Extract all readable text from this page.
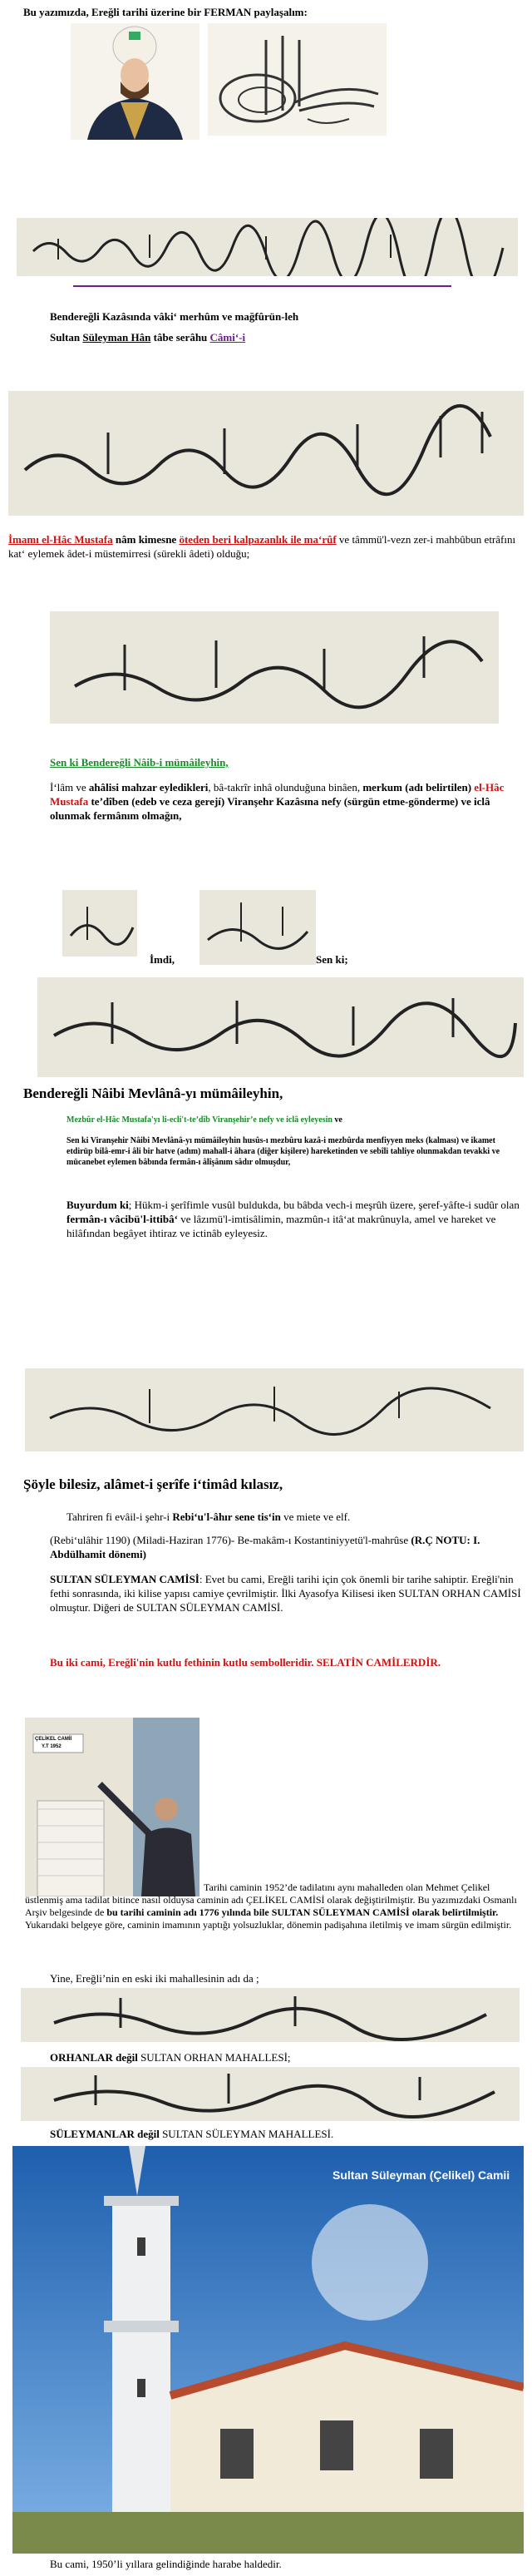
Bu yazımızda, Ereğli tarihi üzerine bir FERMAN paylaşalım:
Bendereğli Kazâsında vâki‘ merhûm ve mağfûrün-leh
Sultan Süleyman Hân tâbe serâhu Câmi‘-i

İmamı el-Hâc Mustafa nâm kimesne öteden beri kalpazanlık ile ma‘rûf ve tâmmü'l-vezn zer-i mahbûbun etrâfını kat‘ eylemek âdet-i müstemirresi (sürekli âdeti) olduğu;

Sen ki Bendereğli Nâib-i mümâileyhin,

İ‘lâm ve ahâlisi mahzar eyledikleri, bâ-takrîr inhâ olunduğuna binâen, merkum (adı belirtilen) el-Hâc Mustafa te’dîben (edeb ve ceza gerejí) Viranşehr Kazâsına nefy (sürgün etme-gönderme) ve iclâ olunmak fermânım olmağın,

İmdi,	Sen ki;
Bendereğli Nâibi Mevlânâ-yı mümâileyhin,

Mezbûr el-Hâc Mustafa'yı li-ecli't-te’dîb Viranşehir’e nefy ve iclâ eyleyesin ve

Sen ki Viranşehir Nâibi Mevlânâ-yı mümâileyhin husûs-ı mezbûru kazâ-i mezbûrda menfiyyen meks (kalması) ve ikamet etdirüp bilâ-emr-i âli bir hatve (adım) mahall-i âhara (diğer kişilere) hareketinden ve sebîli tahliye olunmakdan tevakki ve mücanebet eylemen bâbında fermân-ı âlîşânım sâdır olmuşdur,

Buyurdum ki; Hükm-i şerîfimle vusûl buldukda, bu bâbda vech-i meşrûh üzere, şeref-yâfte-i sudûr olan fermân-ı vâcibü'l-ittibâ‘ ve lâzımü'l-imtisâlimin, mazmûn-ı itâ‘at makrûnuyla, amel ve hareket ve hilâfından begâyet ihtiraz ve ictinâb eyleyesiz.

Şöyle bilesiz, alâmet-i şerîfe i‘timâd kılasız,

Tahriren fi evâil-i şehr-i Rebi‘u'l-âhır sene tis‘in ve miete ve elf.

(Rebi‘ulâhir 1190) (Miladi-Haziran 1776)- Be-makâm-ı Kostantiniyyetü'l-mahrûse (R.Ç NOTU: I. Abdülhamit dönemi)

SULTAN SÜLEYMAN CAMİSİ: Evet bu cami, Ereğli tarihi için çok önemli bir tarihe sahiptir. Ereğli'nin fethi sonrasında, iki kilise yapısı camiye çevrilmiştir. İlki Ayasofya Kilisesi iken SULTAN ORHAN CAMİSİ olmuştur. Diğeri de SULTAN SÜLEYMAN CAMİSİ.

Bu iki cami, Ereğli'nin kutlu fethinin kutlu sembolleridir. SELATİN CAMİLERDİR.

ÇELİKEL CAMİİ
Y.T 1952

Tarihi caminin 1952’de tadilatını aynı mahalleden olan Mehmet Çelikel üstlenmiş ama tadilat bitince nasıl olduysa caminin adı ÇELİKEL CAMİSİ olarak değiştirilmiştir. Bu yazımızdaki Osmanlı Arşiv belgesinde de bu tarihi caminin adı 1776 yılında bile SULTAN SÜLEYMAN CAMİSİ olarak belirtilmiştir. Yukarıdaki belgeye göre, caminin imamının yaptığı yolsuzluklar, dönemin padişahına iletilmiş ve imam sürgün edilmiştir.

Yine, Ereğli’nin en eski iki mahallesinin adı da ;
ORHANLAR değil SULTAN ORHAN MAHALLESİ;
SÜLEYMANLAR değil SULTAN SÜLEYMAN MAHALLESİ.
Sultan Süleyman (Çelikel) Camii
Bu cami, 1950’li yıllara gelindiğinde harabe haldedir.
